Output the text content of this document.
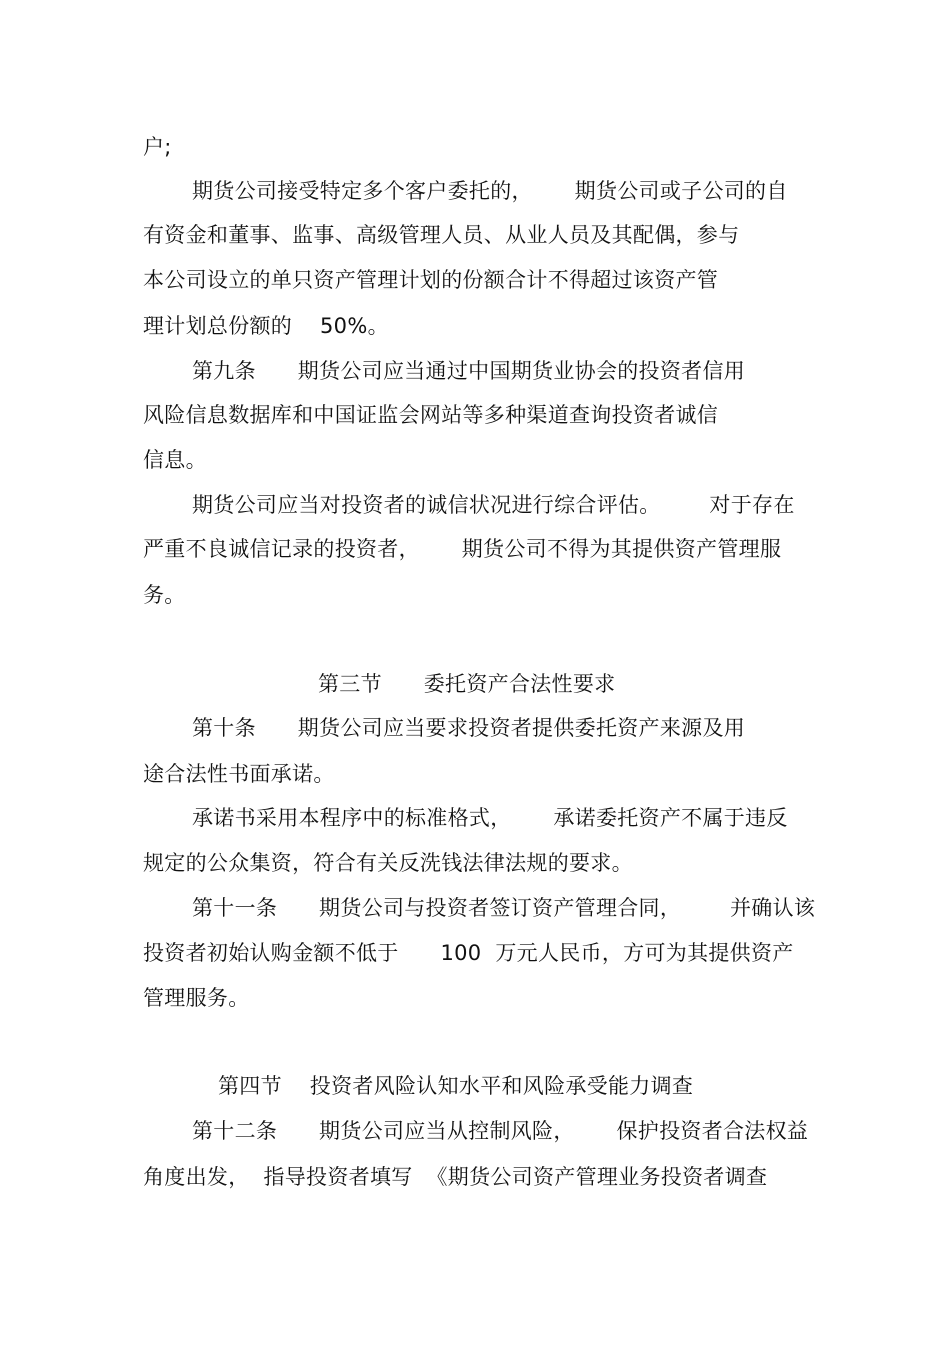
户;
期货公司接受特定多个客户委托的，      期货公司或子公司的自
有资金和董事、监事、高级管理人员、从业人员及其配偶，参与
本公司设立的单只资产管理计划的份额合计不得超过该资产管
理计划总份额的    50%。
第九条      期货公司应当通过中国期货业协会的投资者信用
风险信息数据库和中国证监会网站等多种渠道查询投资者诚信
信息。
期货公司应当对投资者的诚信状况进行综合评估。       对于存在
严重不良诚信记录的投资者，      期货公司不得为其提供资产管理服
务。
第三节      委托资产合法性要求
第十条      期货公司应当要求投资者提供委托资产来源及用
途合法性书面承诺。
承诺书采用本程序中的标准格式，      承诺委托资产不属于违反
规定的公众集资，符合有关反洗钱法律法规的要求。
第十一条      期货公司与投资者签订资产管理合同，       并确认该
投资者初始认购金额不低于      100  万元人民币，方可为其提供资产
管理服务。
第四节    投资者风险认知水平和风险承受能力调查
第十二条      期货公司应当从控制风险，      保护投资者合法权益
角度出发，  指导投资者填写  《期货公司资产管理业务投资者调查
